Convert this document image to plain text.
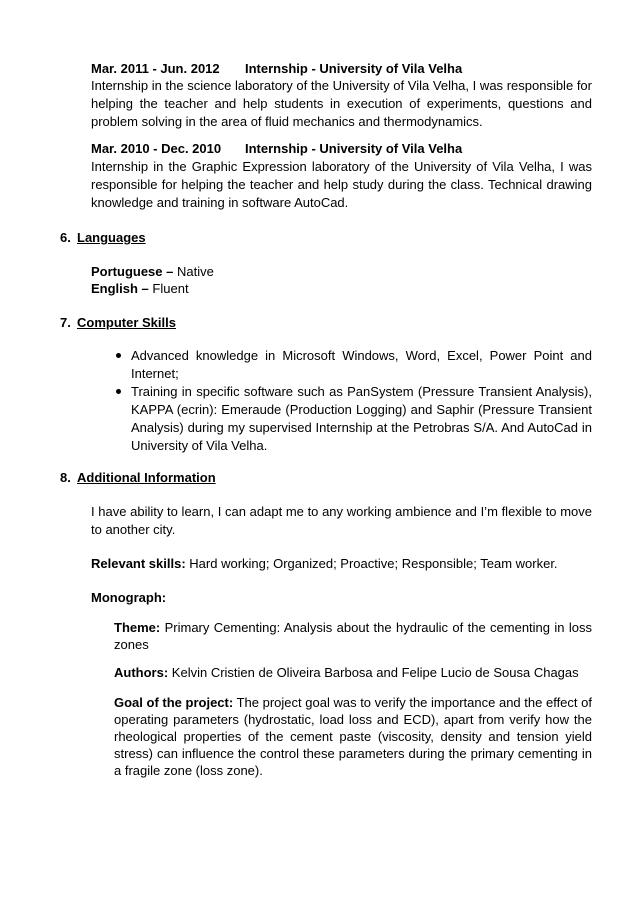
Mar. 2011 - Jun. 2012 Internship - University of Vila Velha
Internship in the science laboratory of the University of Vila Velha, I was responsible for
helping the teacher and help students in execution of experiments, questions and
problem solving in the area of fluid mechanics and thermodynamics.
Mar. 2010 - Dec. 2010 Internship - University of Vila Velha
Internship in the Graphic Expression laboratory of the University of Vila Velha, I was
responsible for helping the teacher and help study during the class. Technical drawing
knowledge and training in software AutoCad.
6. Languages
Portuguese – Native
English – Fluent
7. Computer Skills
Advanced knowledge in Microsoft Windows, Word, Excel, Power Point and
Internet;
Training in specific software such as PanSystem (Pressure Transient Analysis),
KAPPA (ecrin): Emeraude (Production Logging) and Saphir (Pressure Transient
Analysis) during my supervised Internship at the Petrobras S/A. And AutoCad in
University of Vila Velha.
8. Additional Information
I have ability to learn, I can adapt me to any working ambience and I’m flexible to move
to another city.
Relevant skills: Hard working; Organized; Proactive; Responsible; Team worker.
Monograph:
Theme: Primary Cementing: Analysis about the hydraulic of the cementing in loss
zones
Authors: Kelvin Cristien de Oliveira Barbosa and Felipe Lucio de Sousa Chagas
Goal of the project: The project goal was to verify the importance and the effect of
operating parameters (hydrostatic, load loss and ECD), apart from verify how the
rheological properties of the cement paste (viscosity, density and tension yield
stress) can influence the control these parameters during the primary cementing in
a fragile zone (loss zone).
